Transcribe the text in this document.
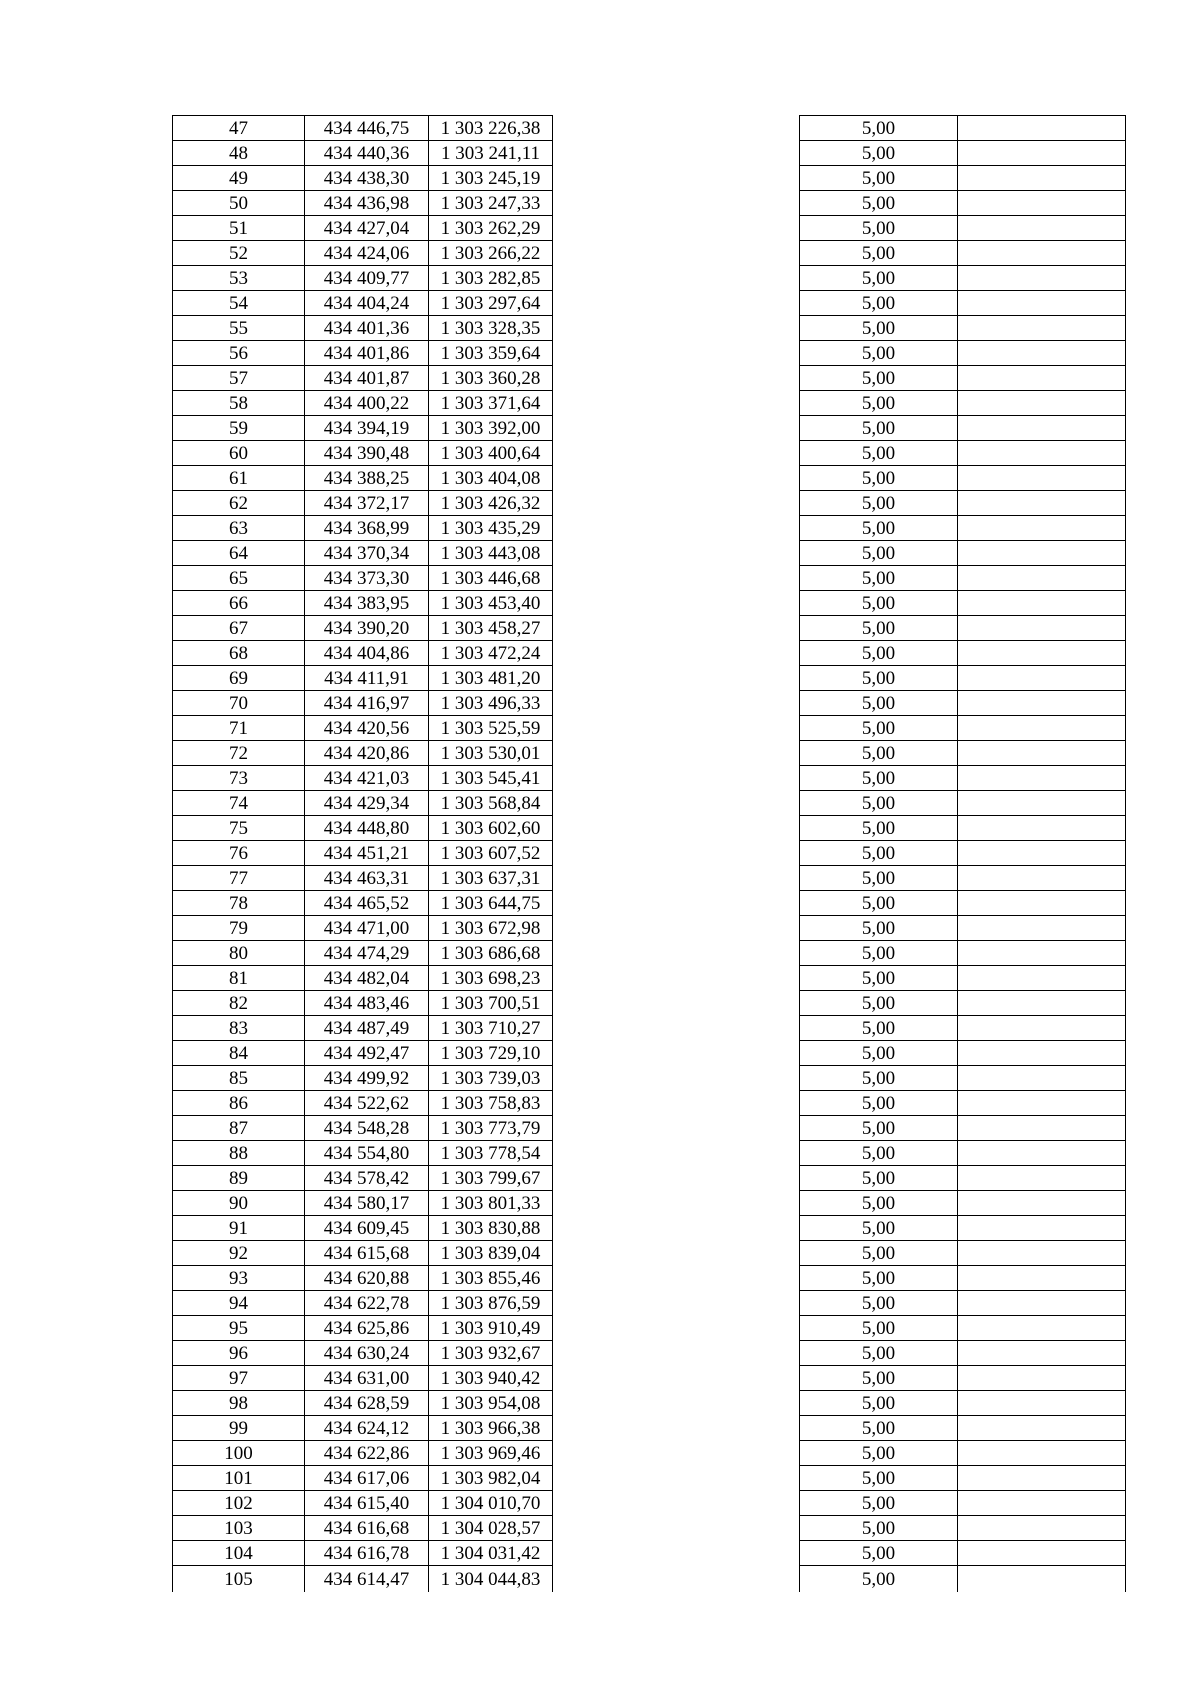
47	434 446,75	1 303 226,38		5,00	
48	434 440,36	1 303 241,11		5,00	
49	434 438,30	1 303 245,19		5,00	
50	434 436,98	1 303 247,33		5,00	
51	434 427,04	1 303 262,29		5,00	
52	434 424,06	1 303 266,22		5,00	
53	434 409,77	1 303 282,85		5,00	
54	434 404,24	1 303 297,64		5,00	
55	434 401,36	1 303 328,35		5,00	
56	434 401,86	1 303 359,64		5,00	
57	434 401,87	1 303 360,28		5,00	
58	434 400,22	1 303 371,64		5,00	
59	434 394,19	1 303 392,00		5,00	
60	434 390,48	1 303 400,64		5,00	
61	434 388,25	1 303 404,08		5,00	
62	434 372,17	1 303 426,32		5,00	
63	434 368,99	1 303 435,29		5,00	
64	434 370,34	1 303 443,08		5,00	
65	434 373,30	1 303 446,68		5,00	
66	434 383,95	1 303 453,40		5,00	
67	434 390,20	1 303 458,27		5,00	
68	434 404,86	1 303 472,24		5,00	
69	434 411,91	1 303 481,20		5,00	
70	434 416,97	1 303 496,33		5,00	
71	434 420,56	1 303 525,59		5,00	
72	434 420,86	1 303 530,01		5,00	
73	434 421,03	1 303 545,41		5,00	
74	434 429,34	1 303 568,84		5,00	
75	434 448,80	1 303 602,60		5,00	
76	434 451,21	1 303 607,52		5,00	
77	434 463,31	1 303 637,31		5,00	
78	434 465,52	1 303 644,75		5,00	
79	434 471,00	1 303 672,98		5,00	
80	434 474,29	1 303 686,68		5,00	
81	434 482,04	1 303 698,23		5,00	
82	434 483,46	1 303 700,51		5,00	
83	434 487,49	1 303 710,27		5,00	
84	434 492,47	1 303 729,10		5,00	
85	434 499,92	1 303 739,03		5,00	
86	434 522,62	1 303 758,83		5,00	
87	434 548,28	1 303 773,79		5,00	
88	434 554,80	1 303 778,54		5,00	
89	434 578,42	1 303 799,67		5,00	
90	434 580,17	1 303 801,33		5,00	
91	434 609,45	1 303 830,88		5,00	
92	434 615,68	1 303 839,04		5,00	
93	434 620,88	1 303 855,46		5,00	
94	434 622,78	1 303 876,59		5,00	
95	434 625,86	1 303 910,49		5,00	
96	434 630,24	1 303 932,67		5,00	
97	434 631,00	1 303 940,42		5,00	
98	434 628,59	1 303 954,08		5,00	
99	434 624,12	1 303 966,38		5,00	
100	434 622,86	1 303 969,46		5,00	
101	434 617,06	1 303 982,04		5,00	
102	434 615,40	1 304 010,70		5,00	
103	434 616,68	1 304 028,57		5,00	
104	434 616,78	1 304 031,42		5,00	
105	434 614,47	1 304 044,83		5,00	
